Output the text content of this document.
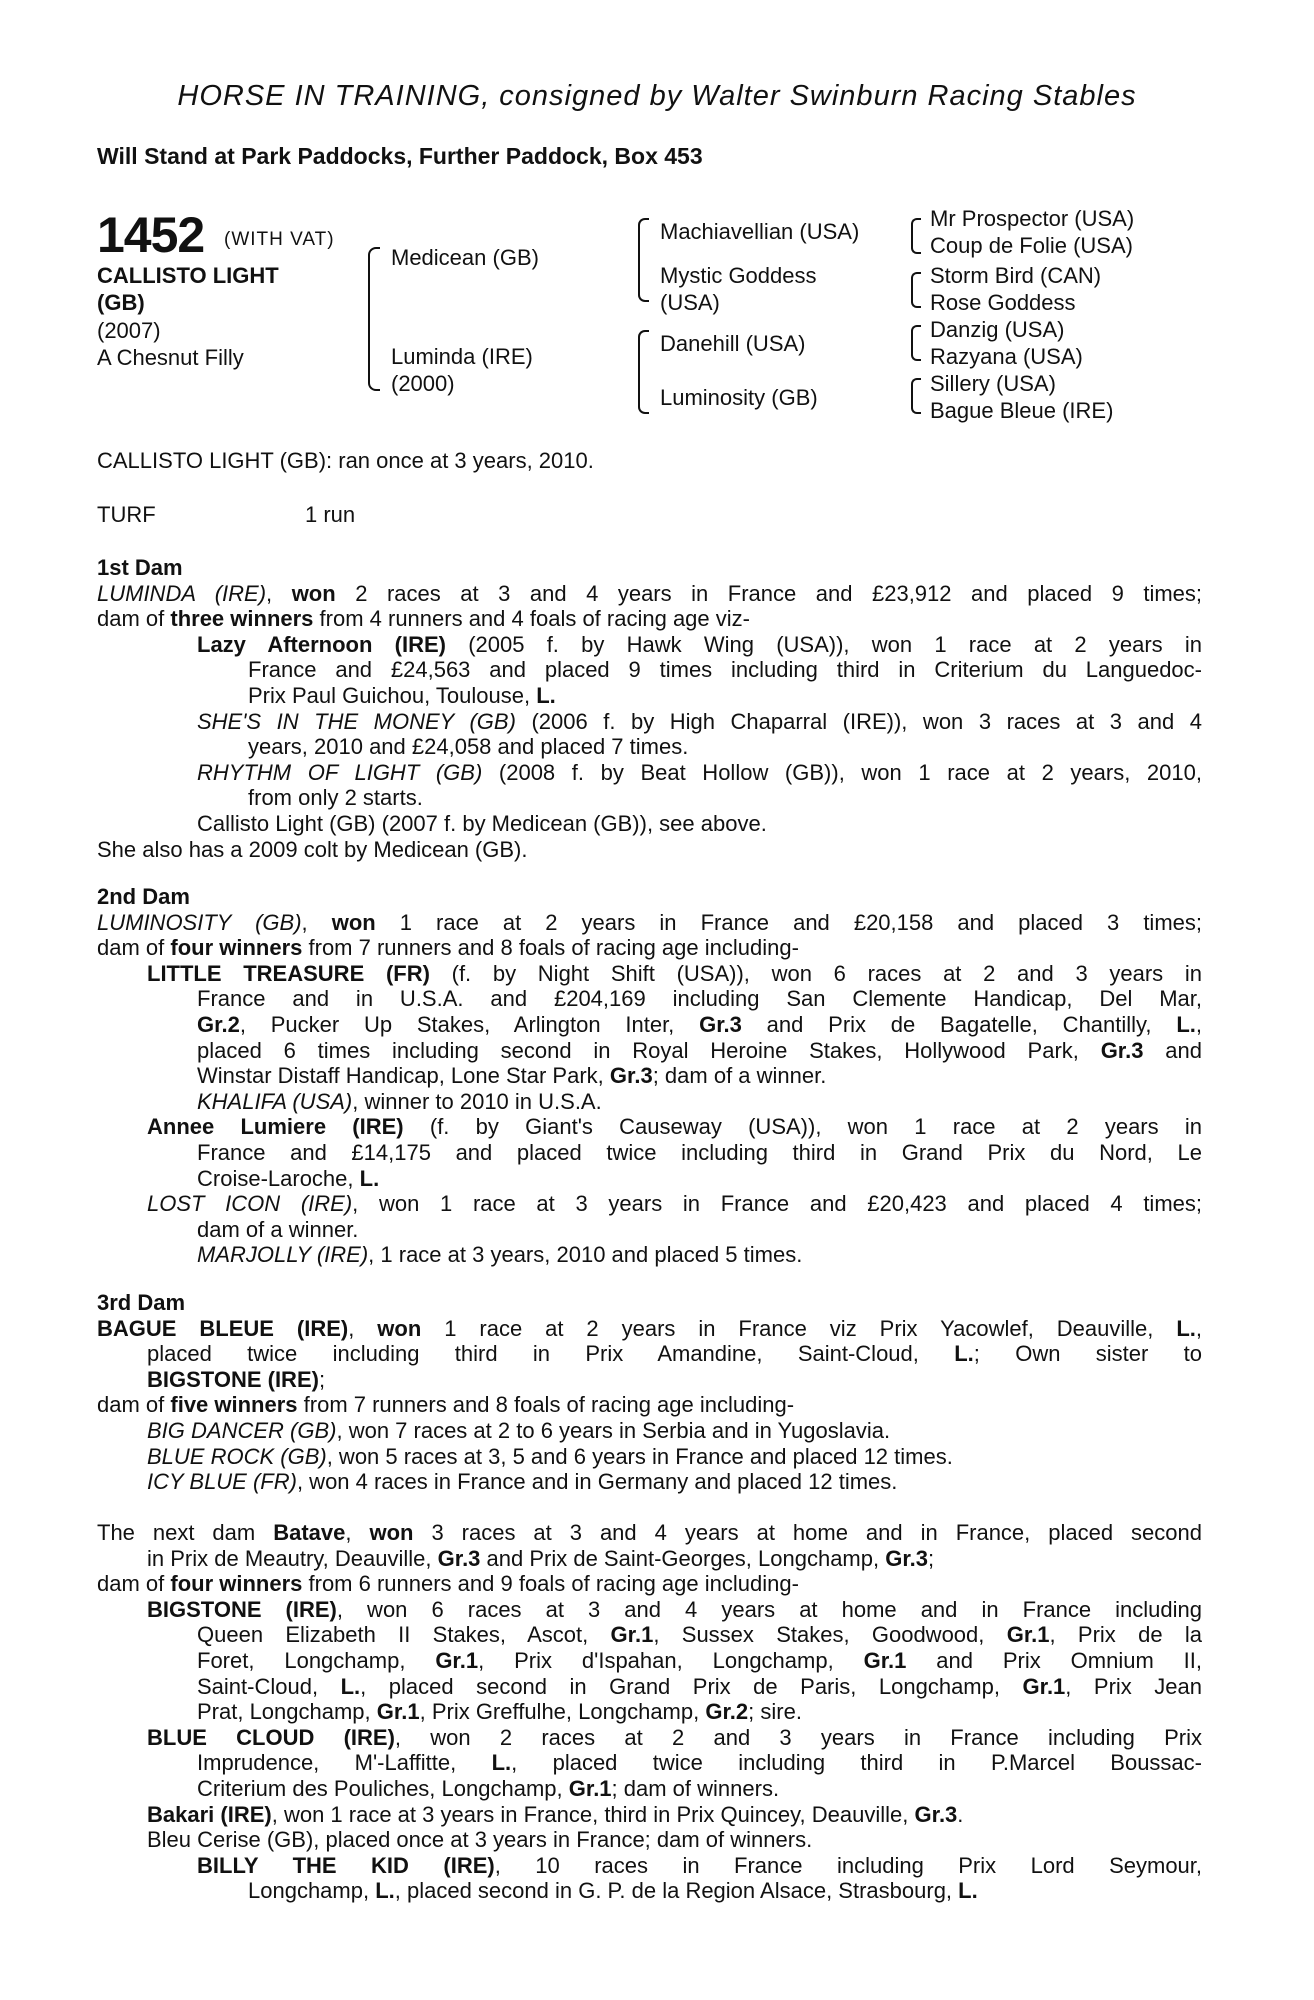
HORSE IN TRAINING, consigned by Walter Swinburn Racing Stables
Will Stand at Park Paddocks, Further Paddock, Box 453
1452 (WITH VAT)
CALLISTO LIGHT
(GB)
(2007)
A Chesnut Filly
Medicean (GB)
Luminda (IRE)
(2000)
Machiavellian (USA)
Mystic Goddess
(USA)
Danehill (USA)
Luminosity (GB)
Mr Prospector (USA)
Coup de Folie (USA)
Storm Bird (CAN)
Rose Goddess
Danzig (USA)
Razyana (USA)
Sillery (USA)
Bague Bleue (IRE)
CALLISTO LIGHT (GB): ran once at 3 years, 2010.
TURF	1 run
1st Dam
LUMINDA (IRE), won 2 races at 3 and 4 years in France and £23,912 and placed 9 times;
dam of three winners from 4 runners and 4 foals of racing age viz-
Lazy Afternoon (IRE) (2005 f. by Hawk Wing (USA)), won 1 race at 2 years in
France and £24,563 and placed 9 times including third in Criterium du Languedoc-
Prix Paul Guichou, Toulouse, L.
SHE'S IN THE MONEY (GB) (2006 f. by High Chaparral (IRE)), won 3 races at 3 and 4
years, 2010 and £24,058 and placed 7 times.
RHYTHM OF LIGHT (GB) (2008 f. by Beat Hollow (GB)), won 1 race at 2 years, 2010,
from only 2 starts.
Callisto Light (GB) (2007 f. by Medicean (GB)), see above.
She also has a 2009 colt by Medicean (GB).
2nd Dam
LUMINOSITY (GB), won 1 race at 2 years in France and £20,158 and placed 3 times;
dam of four winners from 7 runners and 8 foals of racing age including-
LITTLE TREASURE (FR) (f. by Night Shift (USA)), won 6 races at 2 and 3 years in
France and in U.S.A. and £204,169 including San Clemente Handicap, Del Mar,
Gr.2, Pucker Up Stakes, Arlington Inter, Gr.3 and Prix de Bagatelle, Chantilly, L.,
placed 6 times including second in Royal Heroine Stakes, Hollywood Park, Gr.3 and
Winstar Distaff Handicap, Lone Star Park, Gr.3; dam of a winner.
KHALIFA (USA), winner to 2010 in U.S.A.
Annee Lumiere (IRE) (f. by Giant's Causeway (USA)), won 1 race at 2 years in
France and £14,175 and placed twice including third in Grand Prix du Nord, Le
Croise-Laroche, L.
LOST ICON (IRE), won 1 race at 3 years in France and £20,423 and placed 4 times;
dam of a winner.
MARJOLLY (IRE), 1 race at 3 years, 2010 and placed 5 times.
3rd Dam
BAGUE BLEUE (IRE), won 1 race at 2 years in France viz Prix Yacowlef, Deauville, L.,
placed twice including third in Prix Amandine, Saint-Cloud, L.; Own sister to
BIGSTONE (IRE);
dam of five winners from 7 runners and 8 foals of racing age including-
BIG DANCER (GB), won 7 races at 2 to 6 years in Serbia and in Yugoslavia.
BLUE ROCK (GB), won 5 races at 3, 5 and 6 years in France and placed 12 times.
ICY BLUE (FR), won 4 races in France and in Germany and placed 12 times.
The next dam Batave, won 3 races at 3 and 4 years at home and in France, placed second
in Prix de Meautry, Deauville, Gr.3 and Prix de Saint-Georges, Longchamp, Gr.3;
dam of four winners from 6 runners and 9 foals of racing age including-
BIGSTONE (IRE), won 6 races at 3 and 4 years at home and in France including
Queen Elizabeth II Stakes, Ascot, Gr.1, Sussex Stakes, Goodwood, Gr.1, Prix de la
Foret, Longchamp, Gr.1, Prix d'Ispahan, Longchamp, Gr.1 and Prix Omnium II,
Saint-Cloud, L., placed second in Grand Prix de Paris, Longchamp, Gr.1, Prix Jean
Prat, Longchamp, Gr.1, Prix Greffulhe, Longchamp, Gr.2; sire.
BLUE CLOUD (IRE), won 2 races at 2 and 3 years in France including Prix
Imprudence, M'-Laffitte, L., placed twice including third in P.Marcel Boussac-
Criterium des Pouliches, Longchamp, Gr.1; dam of winners.
Bakari (IRE), won 1 race at 3 years in France, third in Prix Quincey, Deauville, Gr.3.
Bleu Cerise (GB), placed once at 3 years in France; dam of winners.
BILLY THE KID (IRE), 10 races in France including Prix Lord Seymour,
Longchamp, L., placed second in G. P. de la Region Alsace, Strasbourg, L.
